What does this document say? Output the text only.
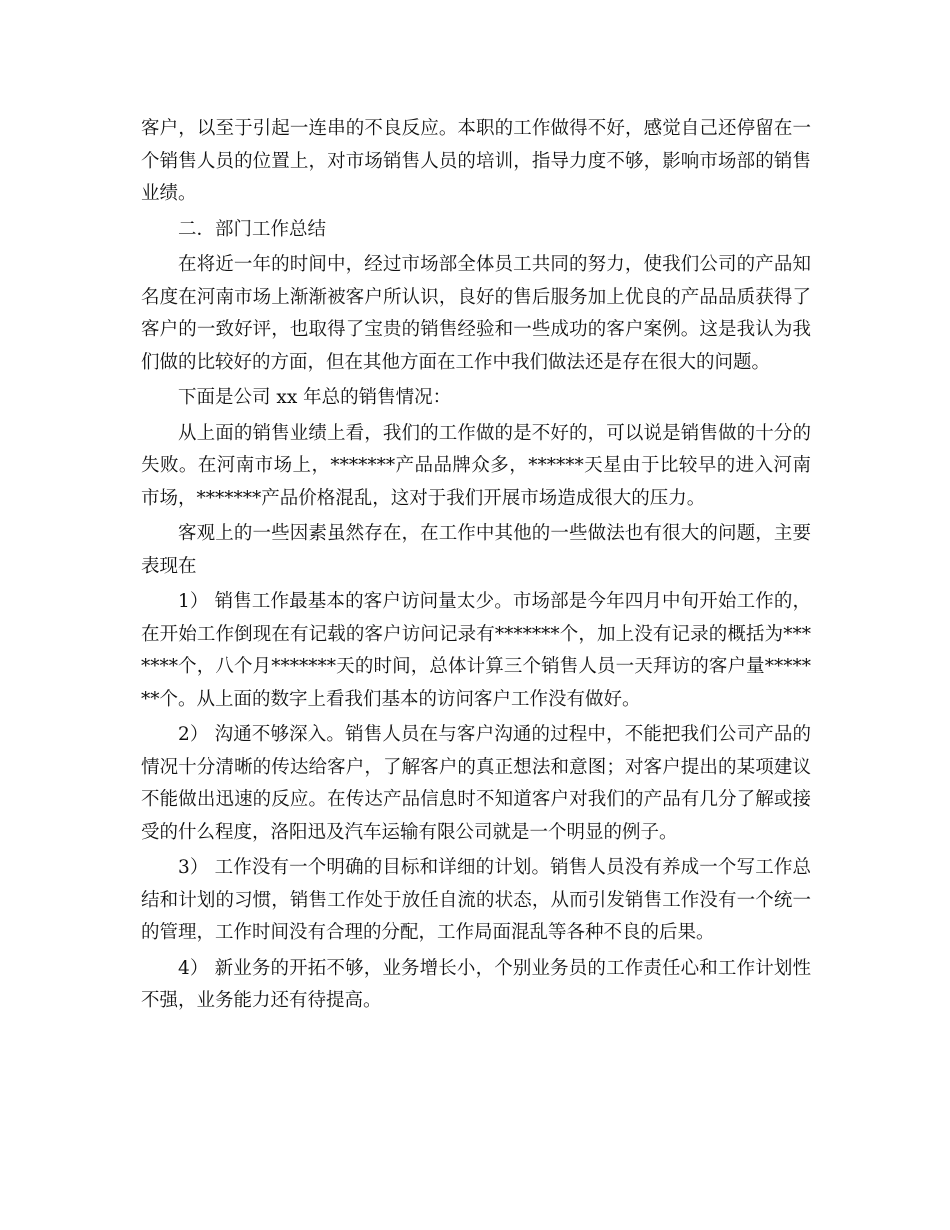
客户，以至于引起一连串的不良反应。本职的工作做得不好，感觉自己还停留在一个销售人员的位置上，对市场销售人员的培训，指导力度不够，影响市场部的销售业绩。

二．部门工作总结

在将近一年的时间中，经过市场部全体员工共同的努力，使我们公司的产品知名度在河南市场上渐渐被客户所认识，良好的售后服务加上优良的产品品质获得了客户的一致好评，也取得了宝贵的销售经验和一些成功的客户案例。这是我认为我们做的比较好的方面，但在其他方面在工作中我们做法还是存在很大的问题。

下面是公司 xx 年总的销售情况：

从上面的销售业绩上看，我们的工作做的是不好的，可以说是销售做的十分的失败。在河南市场上，*******产品品牌众多，******天星由于比较早的进入河南市场，*******产品价格混乱，这对于我们开展市场造成很大的压力。

客观上的一些因素虽然存在，在工作中其他的一些做法也有很大的问题，主要表现在

1） 销售工作最基本的客户访问量太少。市场部是今年四月中旬开始工作的，在开始工作倒现在有记载的客户访问记录有*******个，加上没有记录的概括为*******个，八个月*******天的时间，总体计算三个销售人员一天拜访的客户量*******个。从上面的数字上看我们基本的访问客户工作没有做好。

2） 沟通不够深入。销售人员在与客户沟通的过程中，不能把我们公司产品的情况十分清晰的传达给客户，了解客户的真正想法和意图；对客户提出的某项建议不能做出迅速的反应。在传达产品信息时不知道客户对我们的产品有几分了解或接受的什么程度，洛阳迅及汽车运输有限公司就是一个明显的例子。

3） 工作没有一个明确的目标和详细的计划。销售人员没有养成一个写工作总结和计划的习惯，销售工作处于放任自流的状态，从而引发销售工作没有一个统一的管理，工作时间没有合理的分配，工作局面混乱等各种不良的后果。

4） 新业务的开拓不够，业务增长小，个别业务员的工作责任心和工作计划性不强，业务能力还有待提高。
